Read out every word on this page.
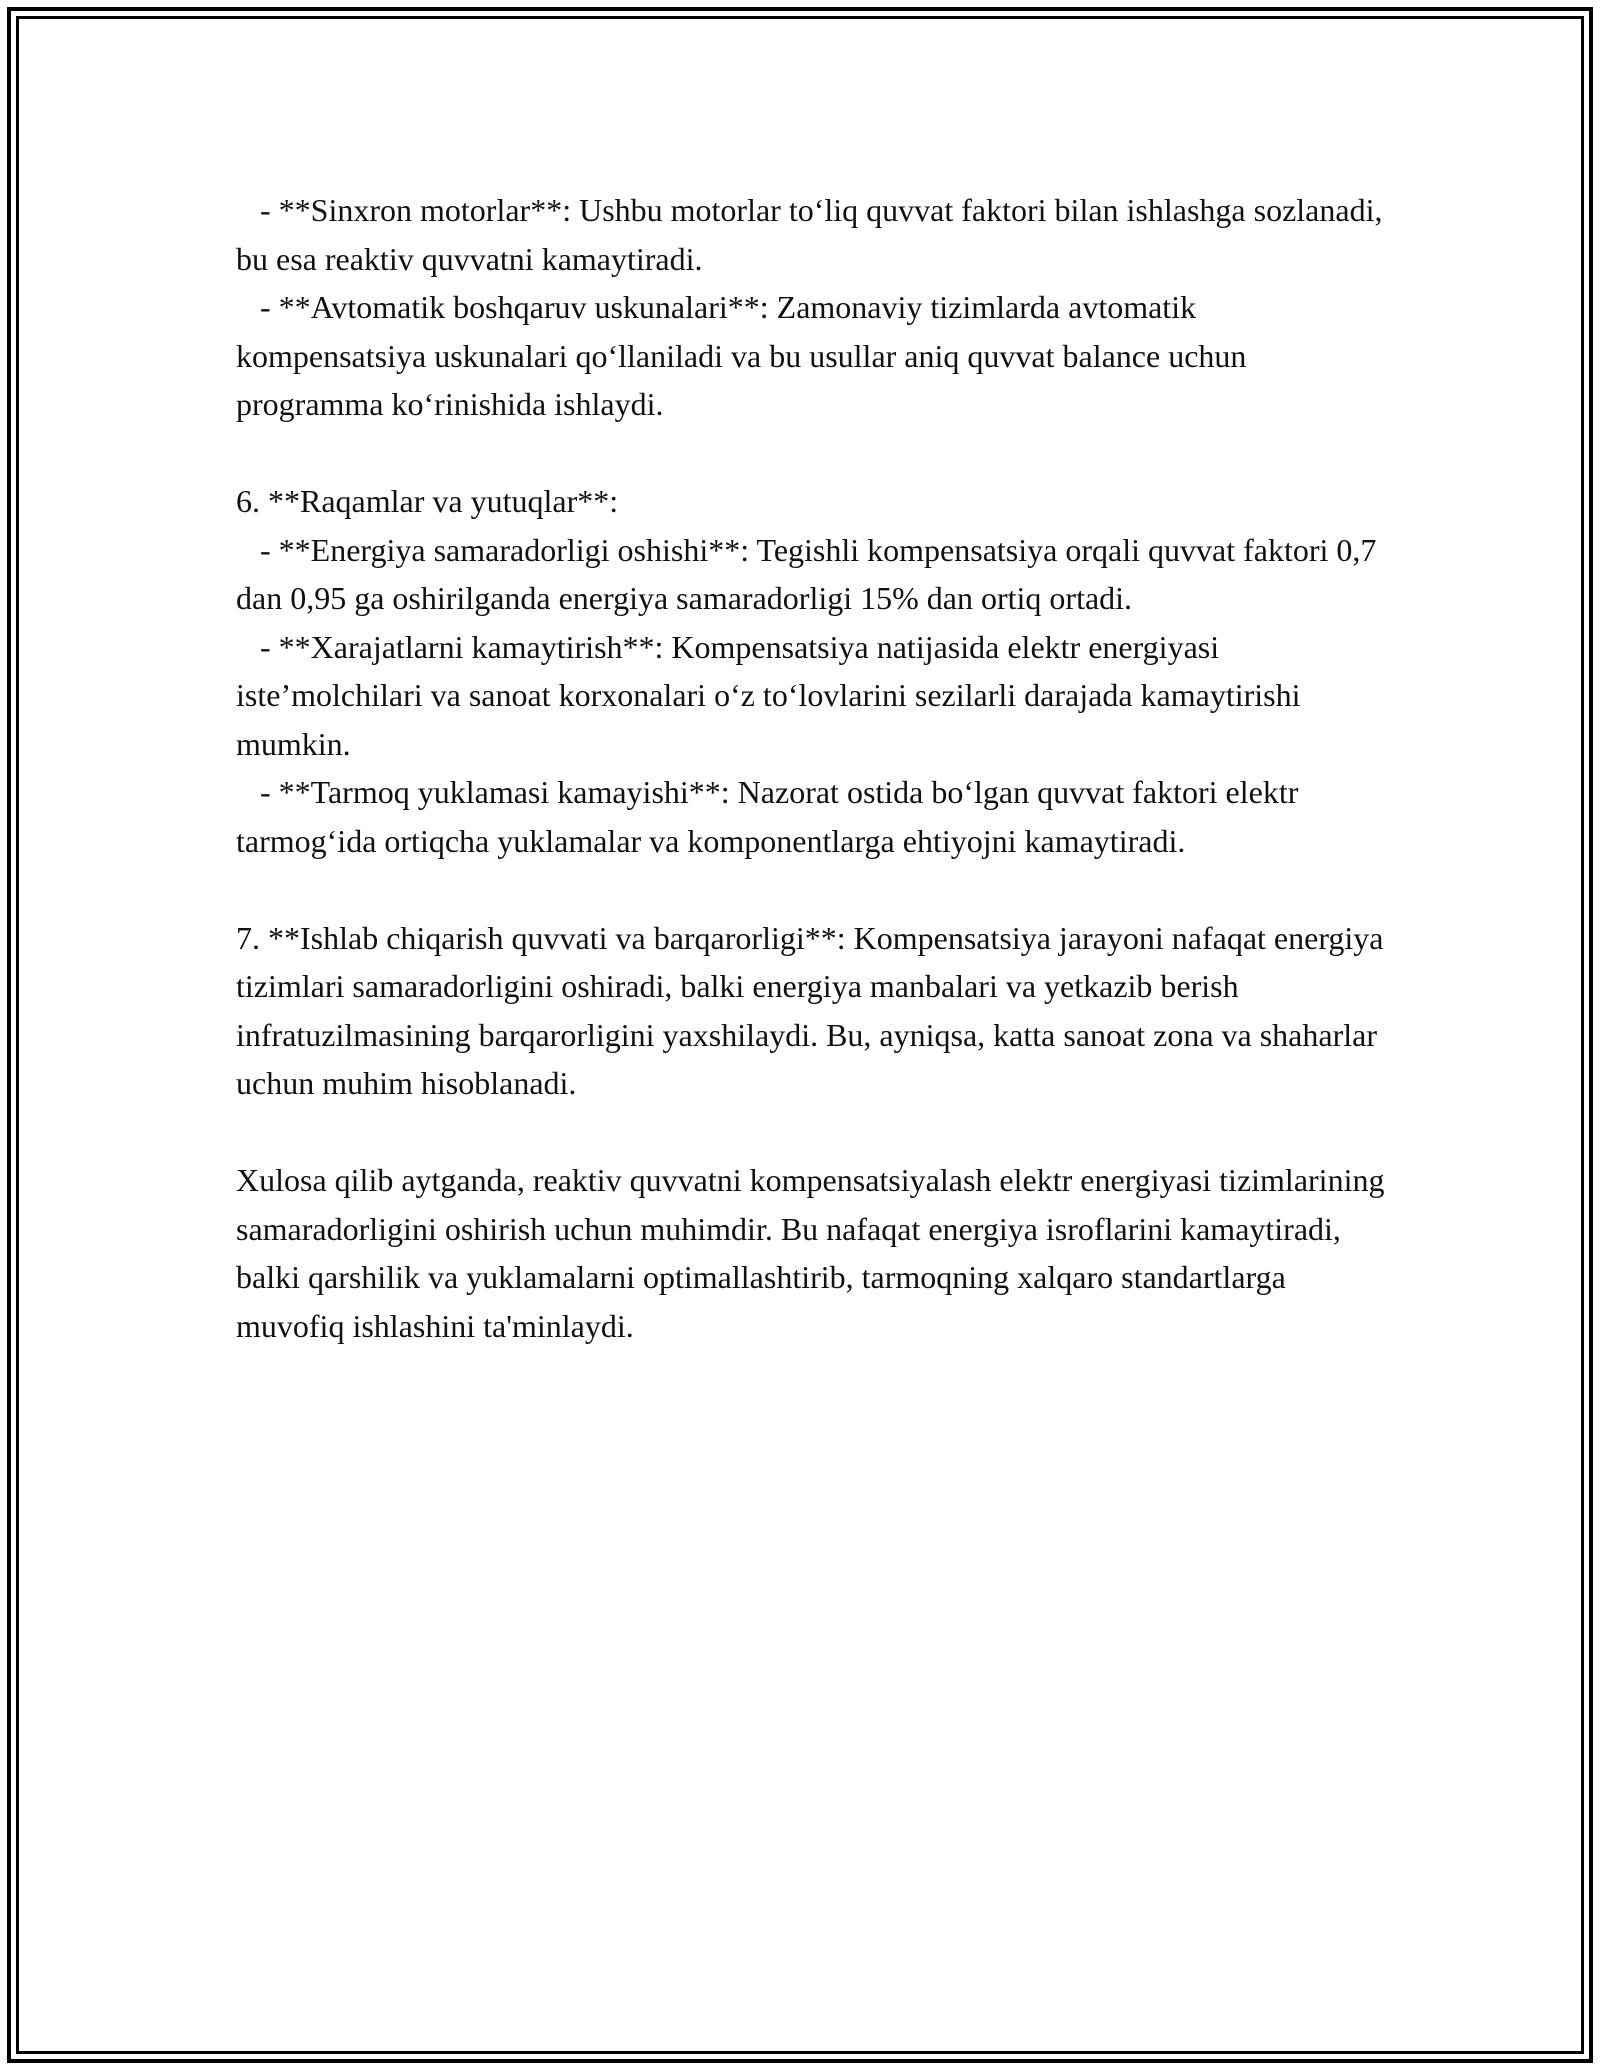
- **Sinxron motorlar**: Ushbu motorlar to‘liq quvvat faktori bilan ishlashga sozlanadi, bu esa reaktiv quvvatni kamaytiradi.

- **Avtomatik boshqaruv uskunalari**: Zamonaviy tizimlarda avtomatik kompensatsiya uskunalari qo‘llaniladi va bu usullar aniq quvvat balance uchun programma ko‘rinishida ishlaydi.

6. **Raqamlar va yutuqlar**:

- **Energiya samaradorligi oshishi**: Tegishli kompensatsiya orqali quvvat faktori 0,7 dan 0,95 ga oshirilganda energiya samaradorligi 15% dan ortiq ortadi.

- **Xarajatlarni kamaytirish**: Kompensatsiya natijasida elektr energiyasi iste’molchilari va sanoat korxonalari o‘z to‘lovlarini sezilarli darajada kamaytirishi mumkin.

- **Tarmoq yuklamasi kamayishi**: Nazorat ostida bo‘lgan quvvat faktori elektr tarmog‘ida ortiqcha yuklamalar va komponentlarga ehtiyojni kamaytiradi.

7. **Ishlab chiqarish quvvati va barqarorligi**: Kompensatsiya jarayoni nafaqat energiya tizimlari samaradorligini oshiradi, balki energiya manbalari va yetkazib berish infratuzilmasining barqarorligini yaxshilaydi. Bu, ayniqsa, katta sanoat zona va shaharlar uchun muhim hisoblanadi.

Xulosa qilib aytganda, reaktiv quvvatni kompensatsiyalash elektr energiyasi tizimlarining samaradorligini oshirish uchun muhimdir. Bu nafaqat energiya isroflarini kamaytiradi, balki qarshilik va yuklamalarni optimallashtirib, tarmoqning xalqaro standartlarga muvofiq ishlashini ta'minlaydi.
